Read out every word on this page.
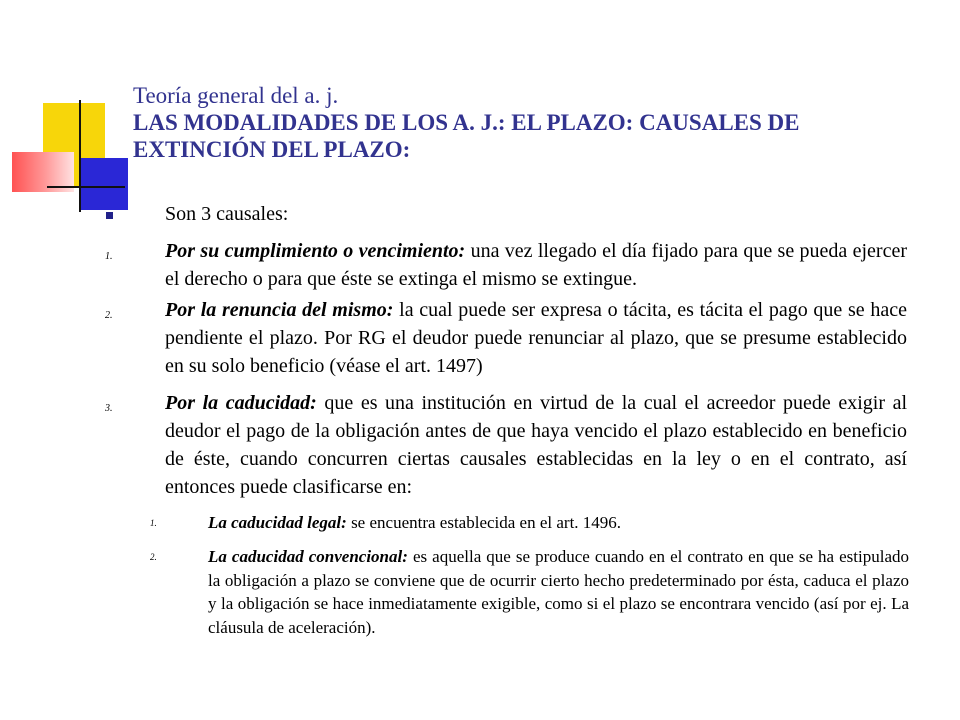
Teoría general del a. j.
LAS MODALIDADES DE LOS A. J.: EL PLAZO: CAUSALES DE EXTINCIÓN DEL PLAZO:
Son 3 causales:
1.	Por su cumplimiento o vencimiento: una vez llegado el día fijado para que se pueda ejercer el derecho o para que éste se extinga el mismo se extingue.
2.	Por la renuncia del mismo: la cual puede ser expresa o tácita, es tácita el pago que se hace pendiente el plazo. Por RG el deudor puede renunciar al plazo, que se presume establecido en su solo beneficio (véase el art. 1497)
3.	Por la caducidad: que es una institución en virtud de la cual el acreedor puede exigir al deudor el pago de la obligación antes de que haya vencido el plazo establecido en beneficio de éste, cuando concurren ciertas causales establecidas en la ley o en el contrato, así entonces puede clasificarse en:
1.	La caducidad legal: se encuentra establecida en el art. 1496.
2.	La caducidad convencional: es aquella que se produce cuando en el contrato en que se ha estipulado la obligación a plazo se conviene que de ocurrir cierto hecho predeterminado por ésta, caduca el plazo y la obligación se hace inmediatamente exigible, como si el plazo se encontrara vencido (así por ej. La cláusula de aceleración).
